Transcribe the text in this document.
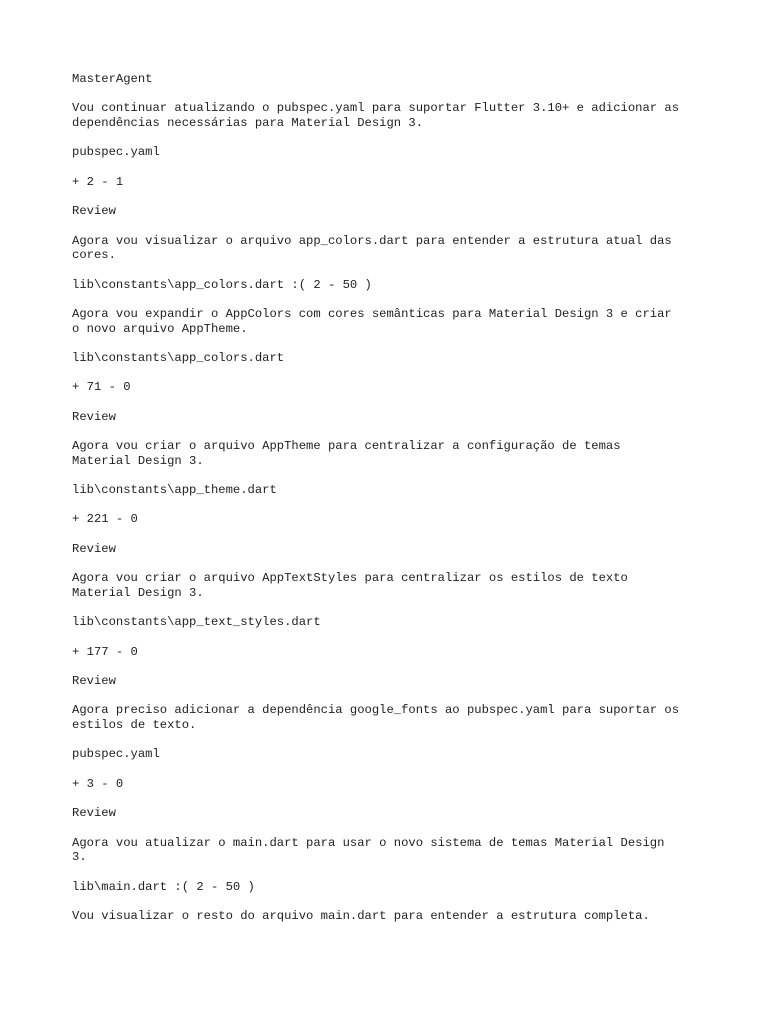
MasterAgent
Vou continuar atualizando o pubspec.yaml para suportar Flutter 3.10+ e adicionar as
dependências necessárias para Material Design 3.
pubspec.yaml
+ 2 - 1
Review
Agora vou visualizar o arquivo app_colors.dart para entender a estrutura atual das
cores.
lib\constants\app_colors.dart :( 2 - 50 )
Agora vou expandir o AppColors com cores semânticas para Material Design 3 e criar
o novo arquivo AppTheme.
lib\constants\app_colors.dart
+ 71 - 0
Review
Agora vou criar o arquivo AppTheme para centralizar a configuração de temas
Material Design 3.
lib\constants\app_theme.dart
+ 221 - 0
Review
Agora vou criar o arquivo AppTextStyles para centralizar os estilos de texto
Material Design 3.
lib\constants\app_text_styles.dart
+ 177 - 0
Review
Agora preciso adicionar a dependência google_fonts ao pubspec.yaml para suportar os
estilos de texto.
pubspec.yaml
+ 3 - 0
Review
Agora vou atualizar o main.dart para usar o novo sistema de temas Material Design
3.
lib\main.dart :( 2 - 50 )
Vou visualizar o resto do arquivo main.dart para entender a estrutura completa.
